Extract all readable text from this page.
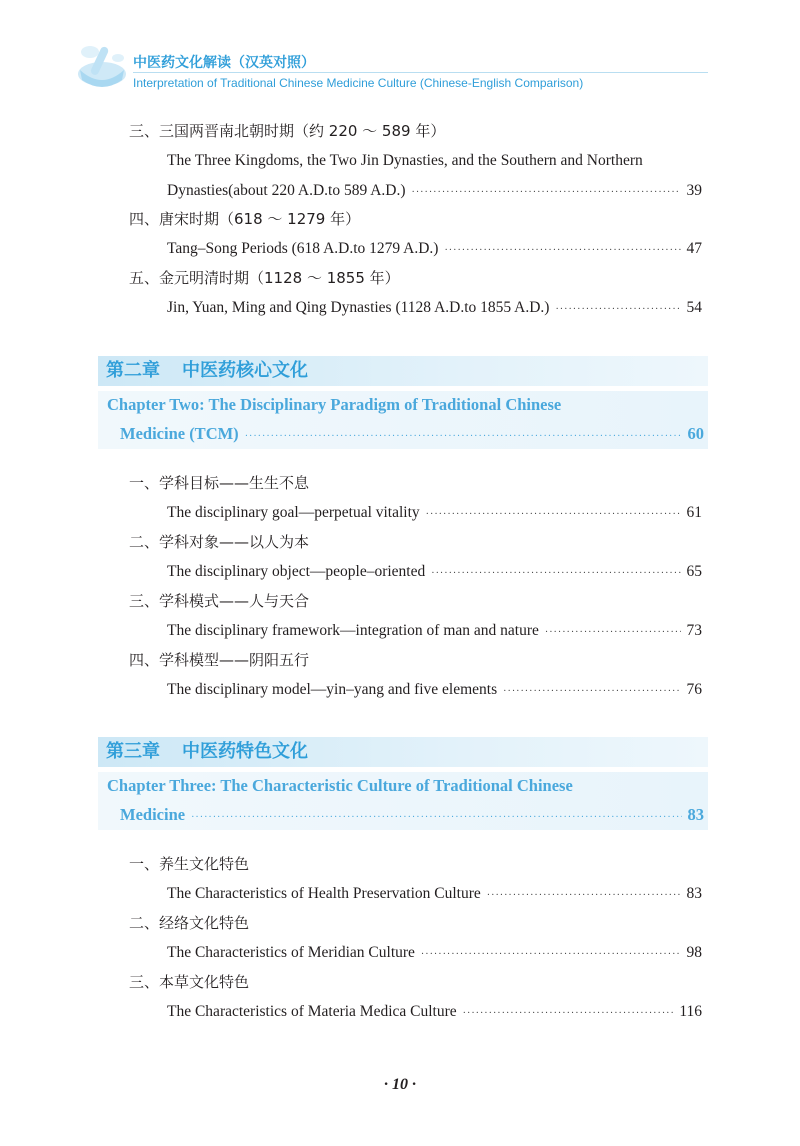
中医药文化解读（汉英对照）
Interpretation of Traditional Chinese Medicine Culture (Chinese-English Comparison)
三、三国两晋南北朝时期（约 220 ～ 589 年）
The Three Kingdoms, the Two Jin Dynasties, and the Southern and Northern
Dynasties(about 220 A.D.to 589 A.D.) ·····	39
四、唐宋时期（618 ～ 1279 年）
Tang–Song Periods (618 A.D.to 1279 A.D.) ·····	47
五、金元明清时期（1128 ～ 1855 年）
Jin, Yuan, Ming and Qing Dynasties (1128 A.D.to 1855 A.D.) ·····	54
第二章 中医药核心文化
Chapter Two: The Disciplinary Paradigm of Traditional Chinese
Medicine (TCM) ·····	60
一、学科目标——生生不息
The disciplinary goal—perpetual vitality ·····	61
二、学科对象——以人为本
The disciplinary object—people–oriented ·····	65
三、学科模式——人与天合
The disciplinary framework—integration of man and nature ·····	73
四、学科模型——阴阳五行
The disciplinary model—yin–yang and five elements ·····	76
第三章 中医药特色文化
Chapter Three: The Characteristic Culture of Traditional Chinese
Medicine ·····	83
一、养生文化特色
The Characteristics of Health Preservation Culture ·····	83
二、经络文化特色
The Characteristics of Meridian Culture ·····	98
三、本草文化特色
The Characteristics of Materia Medica Culture ·····	116
· 10 ·
